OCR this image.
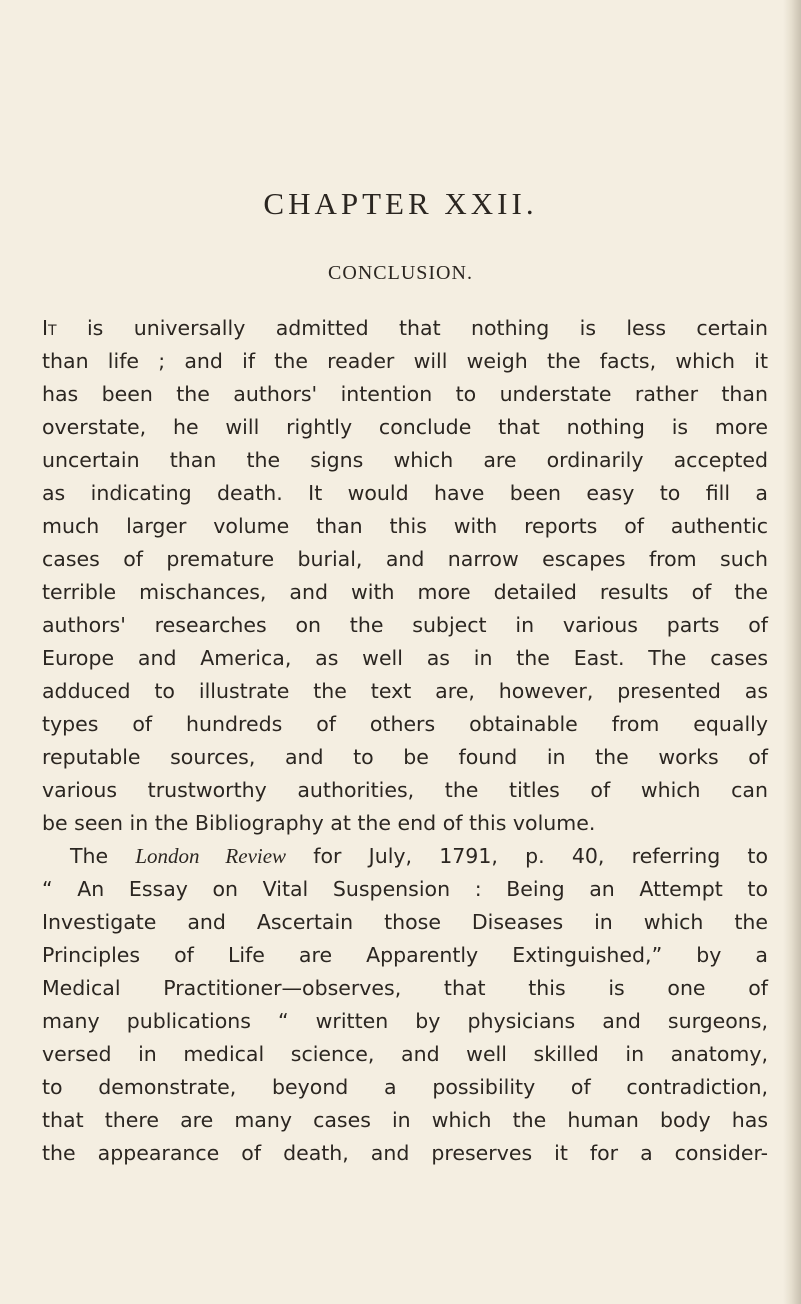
CHAPTER XXII.
CONCLUSION.
It is universally admitted that nothing is less certain
than life ; and if the reader will weigh the facts, which it
has been the authors' intention to understate rather than
overstate, he will rightly conclude that nothing is more
uncertain than the signs which are ordinarily accepted
as indicating death. It would have been easy to fill a
much larger volume than this with reports of authentic
cases of premature burial, and narrow escapes from such
terrible mischances, and with more detailed results of the
authors' researches on the subject in various parts of
Europe and America, as well as in the East. The cases
adduced to illustrate the text are, however, presented as
types of hundreds of others obtainable from equally
reputable sources, and to be found in the works of
various trustworthy authorities, the titles of which can
be seen in the Bibliography at the end of this volume.
The London Review for July, 1791, p. 40, referring to
“ An Essay on Vital Suspension : Being an Attempt to
Investigate and Ascertain those Diseases in which the
Principles of Life are Apparently Extinguished,” by a
Medical Practitioner—observes, that this is one of
many publications “ written by physicians and surgeons,
versed in medical science, and well skilled in anatomy,
to demonstrate, beyond a possibility of contradiction,
that there are many cases in which the human body has
the appearance of death, and preserves it for a consider-
